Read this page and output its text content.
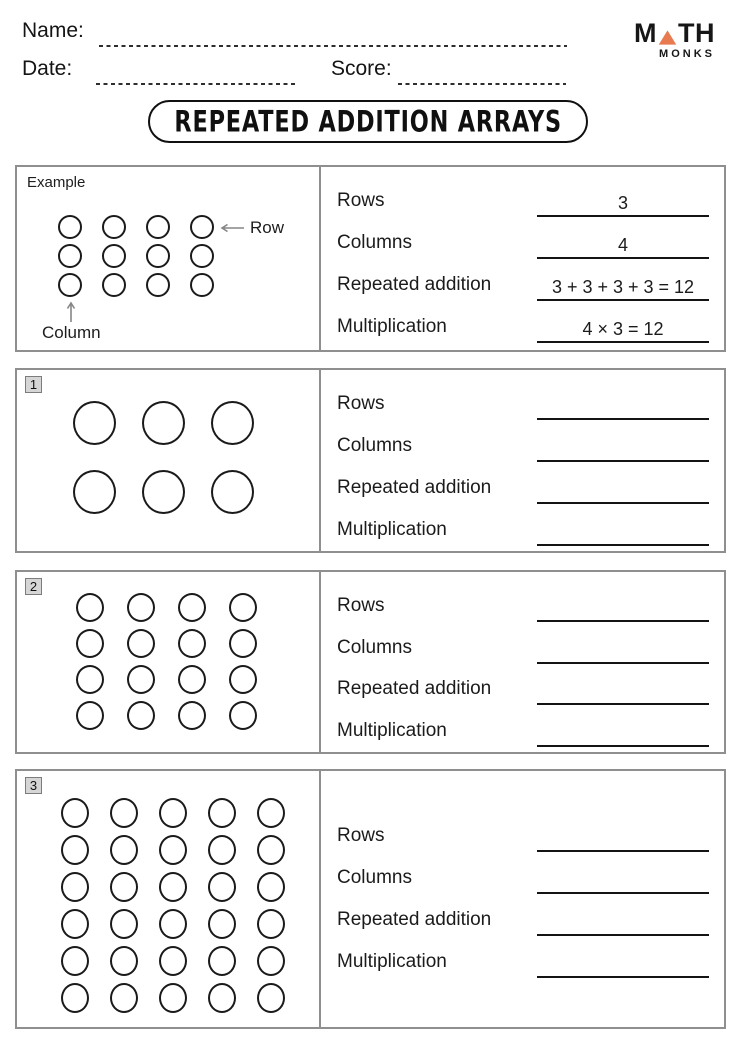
Name:
Date:	Score:
M TH
MONKS
REPEATED ADDITION ARRAYS
Example
Row
Column
Rows	3
Columns	4
Repeated addition	3 + 3 + 3 + 3 = 12
Multiplication	4 × 3 = 12
1
Rows
Columns
Repeated addition
Multiplication
2
Rows
Columns
Repeated addition
Multiplication
3
Rows
Columns
Repeated addition
Multiplication
